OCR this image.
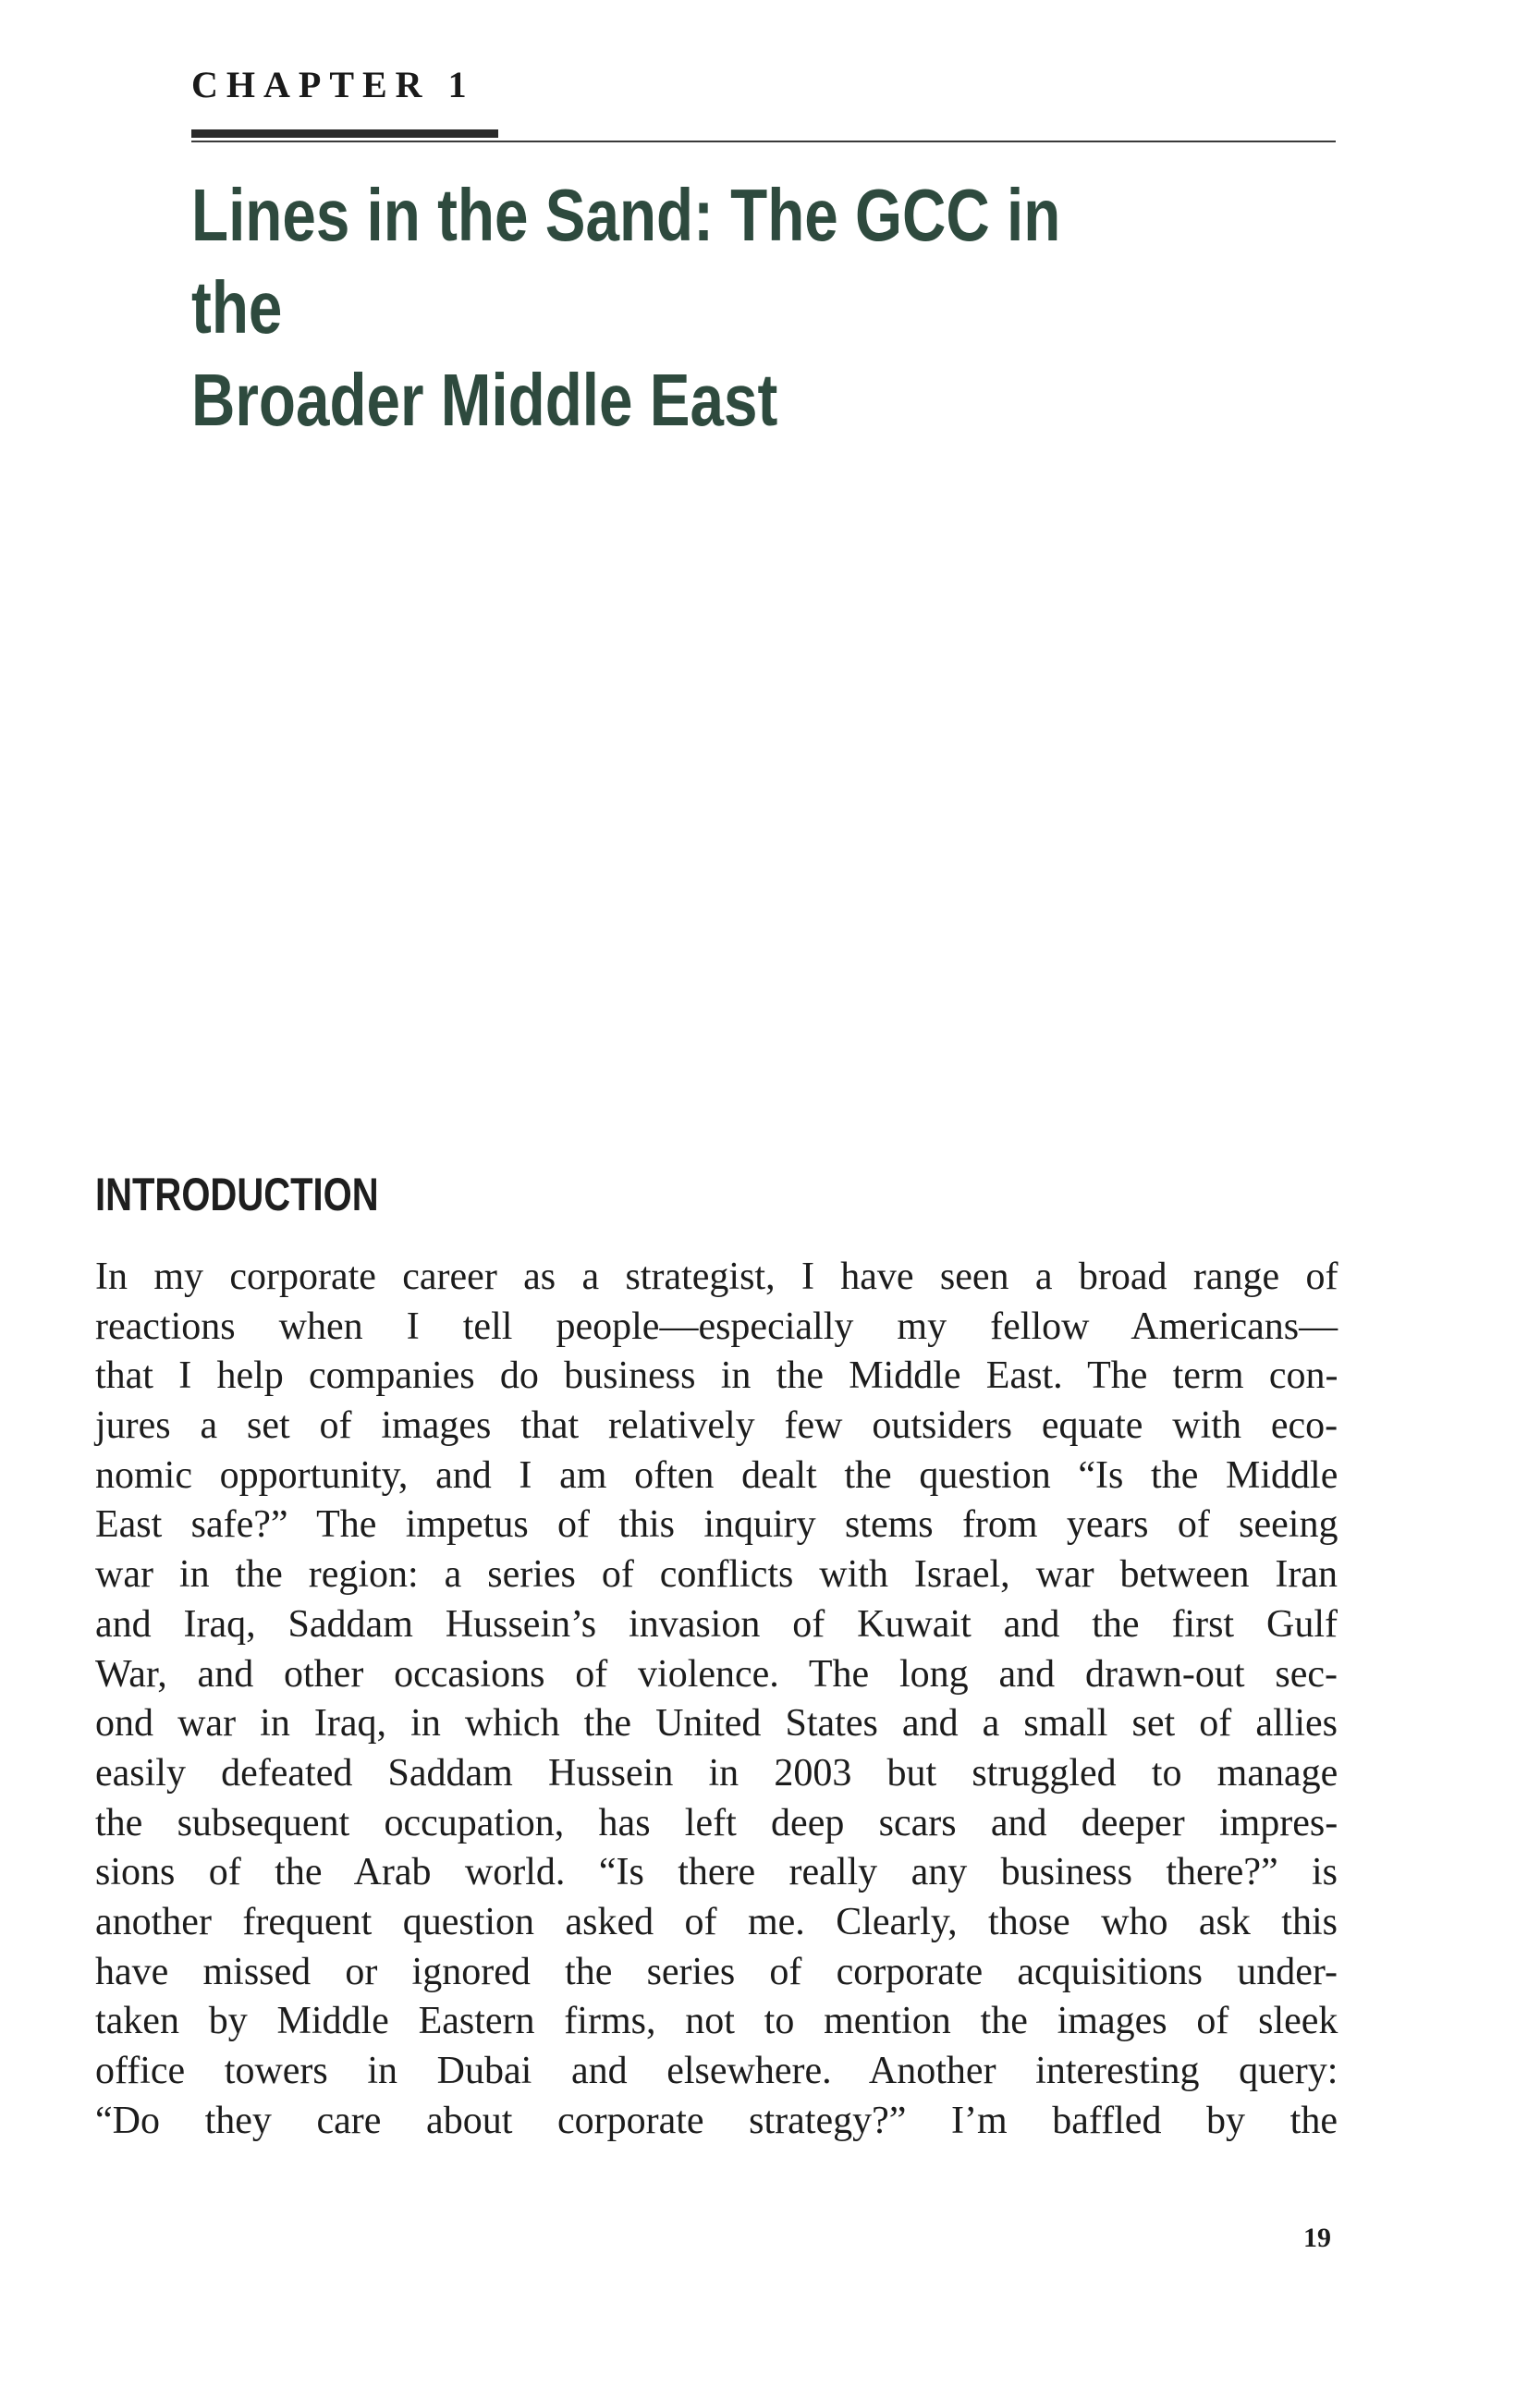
CHAPTER 1
Lines in the Sand: The GCC in the
Broader Middle East
INTRODUCTION
In my corporate career as a strategist, I have seen a broad range of
reactions when I tell people—especially my fellow Americans—
that I help companies do business in the Middle East. The term con-
jures a set of images that relatively few outsiders equate with eco-
nomic opportunity, and I am often dealt the question “Is the Middle
East safe?” The impetus of this inquiry stems from years of seeing
war in the region: a series of conflicts with Israel, war between Iran
and Iraq, Saddam Hussein’s invasion of Kuwait and the first Gulf
War, and other occasions of violence. The long and drawn-out sec-
ond war in Iraq, in which the United States and a small set of allies
easily defeated Saddam Hussein in 2003 but struggled to manage
the subsequent occupation, has left deep scars and deeper impres-
sions of the Arab world. “Is there really any business there?” is
another frequent question asked of me. Clearly, those who ask this
have missed or ignored the series of corporate acquisitions under-
taken by Middle Eastern firms, not to mention the images of sleek
office towers in Dubai and elsewhere. Another interesting query:
“Do they care about corporate strategy?” I’m baffled by the
19
